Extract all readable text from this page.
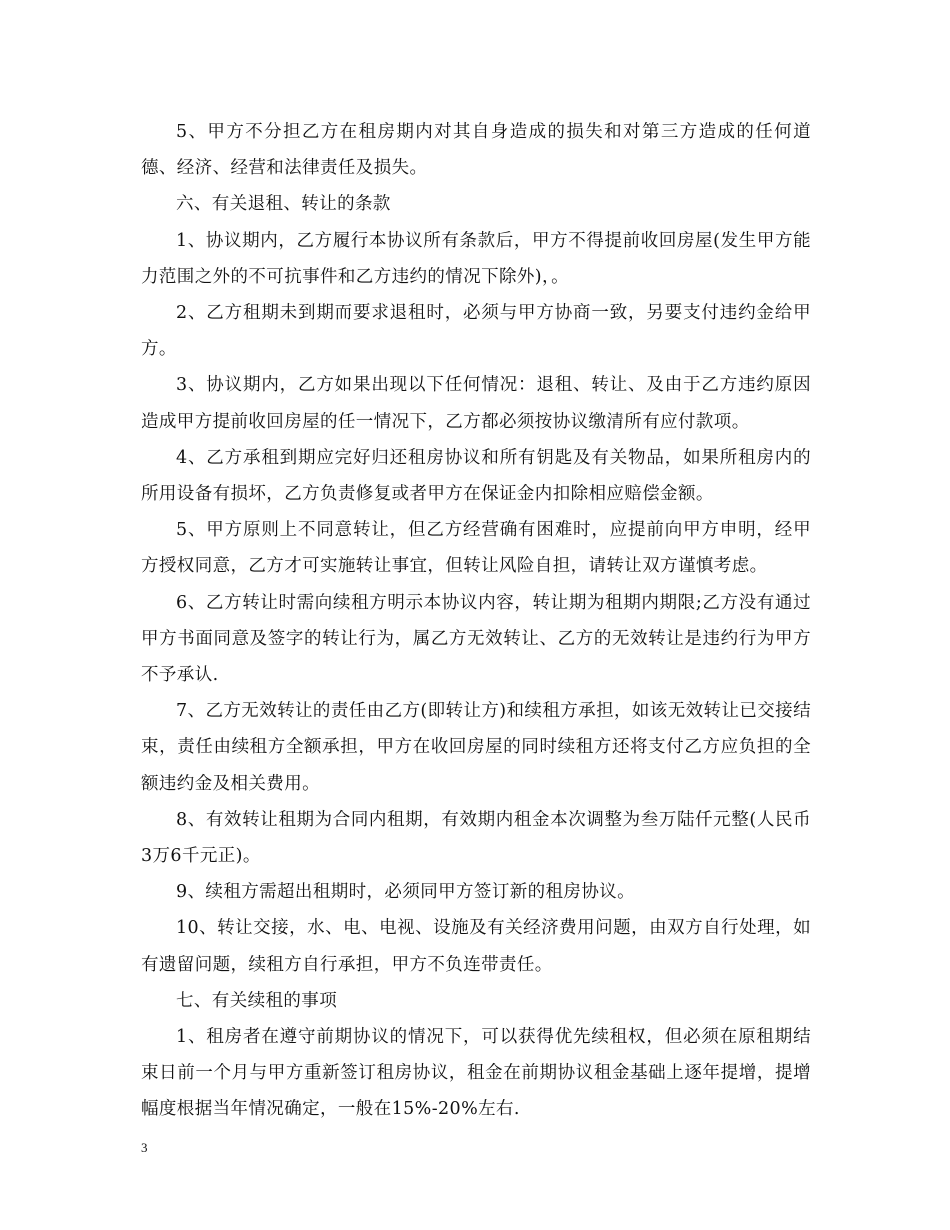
5、甲方不分担乙方在租房期内对其自身造成的损失和对第三方造成的任何道德、经济、经营和法律责任及损失。

六、有关退租、转让的条款

1、协议期内，乙方履行本协议所有条款后，甲方不得提前收回房屋(发生甲方能力范围之外的不可抗事件和乙方违约的情况下除外)，。

2、乙方租期未到期而要求退租时，必须与甲方协商一致，另要支付违约金给甲方。

3、协议期内，乙方如果出现以下任何情况：退租、转让、及由于乙方违约原因造成甲方提前收回房屋的任一情况下，乙方都必须按协议缴清所有应付款项。

4、乙方承租到期应完好归还租房协议和所有钥匙及有关物品，如果所租房内的所用设备有损坏，乙方负责修复或者甲方在保证金内扣除相应赔偿金额。

5、甲方原则上不同意转让，但乙方经营确有困难时，应提前向甲方申明，经甲方授权同意，乙方才可实施转让事宜，但转让风险自担，请转让双方谨慎考虑。

6、乙方转让时需向续租方明示本协议内容，转让期为租期内期限;乙方没有通过甲方书面同意及签字的转让行为，属乙方无效转让、乙方的无效转让是违约行为甲方不予承认.

7、乙方无效转让的责任由乙方(即转让方)和续租方承担，如该无效转让已交接结束，责任由续租方全额承担，甲方在收回房屋的同时续租方还将支付乙方应负担的全额违约金及相关费用。

8、有效转让租期为合同内租期，有效期内租金本次调整为叁万陆仟元整(人民币3万6千元正)。

9、续租方需超出租期时，必须同甲方签订新的租房协议。

10、转让交接，水、电、电视、设施及有关经济费用问题，由双方自行处理，如有遗留问题，续租方自行承担，甲方不负连带责任。

七、有关续租的事项

1、租房者在遵守前期协议的情况下，可以获得优先续租权，但必须在原租期结束日前一个月与甲方重新签订租房协议，租金在前期协议租金基础上逐年提增，提增幅度根据当年情况确定，一般在15%-20%左右.

3
